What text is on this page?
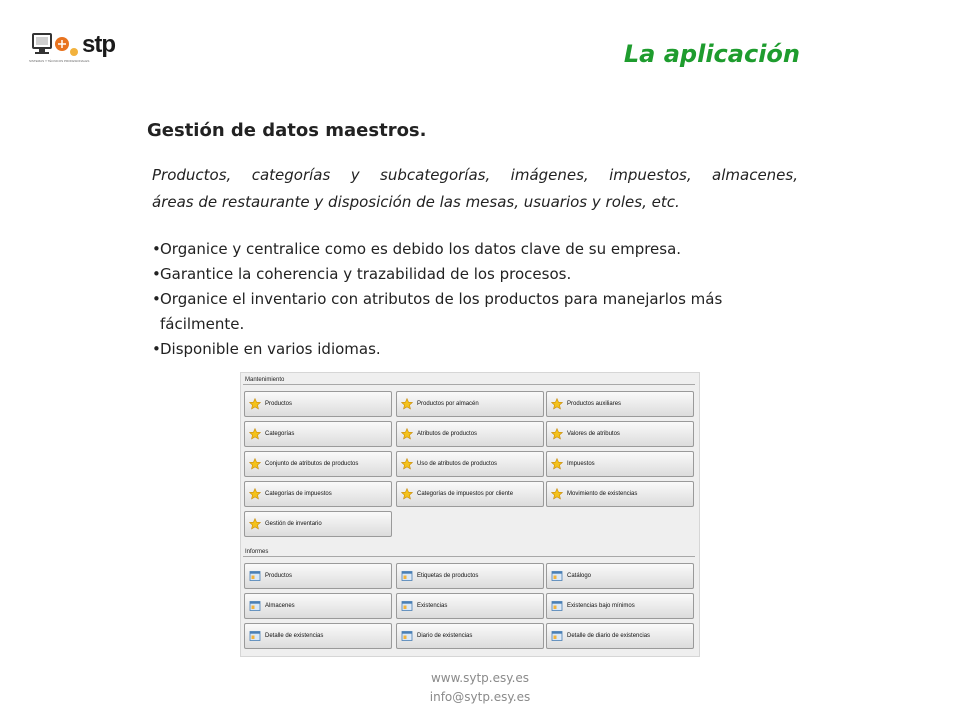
stp
SISTEMAS Y TÉCNICOS PROFESIONALES	La aplicación
Gestión de datos maestros.
Productos, categorías y subcategorías, imágenes, impuestos, almacenes,
áreas de restaurante y disposición de las mesas, usuarios y roles, etc.
• Organice y centralice como es debido los datos clave de su empresa.
• Garantice la coherencia y trazabilidad de los procesos.
• Organice el inventario con atributos de los productos para manejarlos más fácilmente.
• Disponible en varios idiomas.
Mantenimiento
Productos	Productos por almacén	Productos auxiliares
Categorías	Atributos de productos	Valores de atributos
Conjunto de atributos de productos	Uso de atributos de productos	Impuestos
Categorías de impuestos	Categorías de impuestos por cliente	Movimiento de existencias
Gestión de inventario
Informes
Productos	Etiquetas de productos	Catálogo
Almacenes	Existencias	Existencias bajo mínimos
Detalle de existencias	Diario de existencias	Detalle de diario de existencias
www.sytp.esy.es
info@sytp.esy.es
